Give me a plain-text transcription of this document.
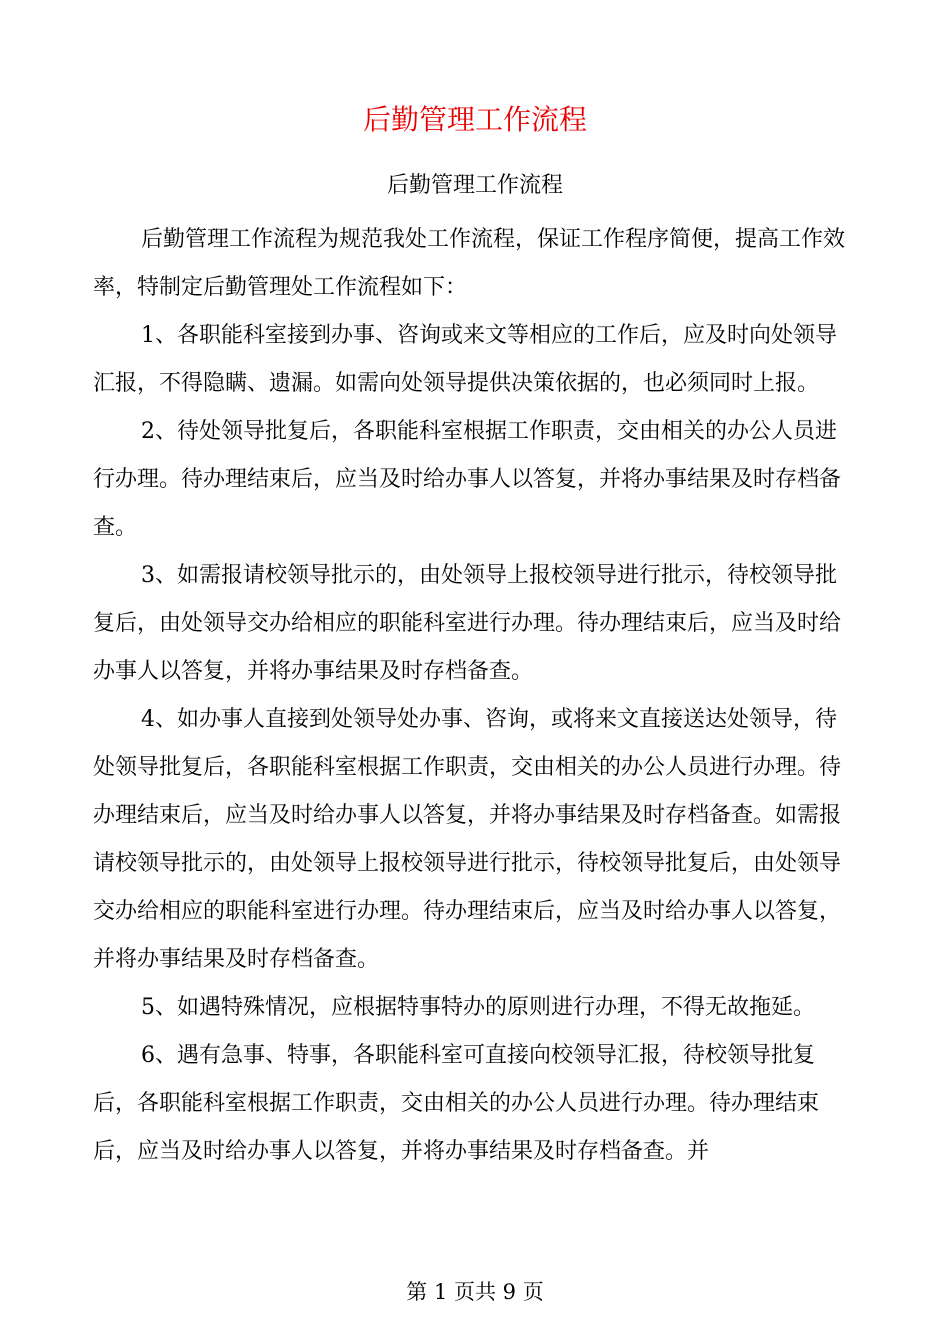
后勤管理工作流程
后勤管理工作流程

后勤管理工作流程为规范我处工作流程，保证工作程序简便，提高工作效率，特制定后勤管理处工作流程如下：

1、各职能科室接到办事、咨询或来文等相应的工作后，应及时向处领导汇报，不得隐瞒、遗漏。如需向处领导提供决策依据的，也必须同时上报。

2、待处领导批复后，各职能科室根据工作职责，交由相关的办公人员进行办理。待办理结束后，应当及时给办事人以答复，并将办事结果及时存档备查。

3、如需报请校领导批示的，由处领导上报校领导进行批示，待校领导批复后，由处领导交办给相应的职能科室进行办理。待办理结束后，应当及时给办事人以答复，并将办事结果及时存档备查。

4、如办事人直接到处领导处办事、咨询，或将来文直接送达处领导，待处领导批复后，各职能科室根据工作职责，交由相关的办公人员进行办理。待办理结束后，应当及时给办事人以答复，并将办事结果及时存档备查。如需报请校领导批示的，由处领导上报校领导进行批示，待校领导批复后，由处领导交办给相应的职能科室进行办理。待办理结束后，应当及时给办事人以答复，并将办事结果及时存档备查。

5、如遇特殊情况，应根据特事特办的原则进行办理，不得无故拖延。

6、遇有急事、特事，各职能科室可直接向校领导汇报，待校领导批复后，各职能科室根据工作职责，交由相关的办公人员进行办理。待办理结束后，应当及时给办事人以答复，并将办事结果及时存档备查。并

第 1 页共 9 页
